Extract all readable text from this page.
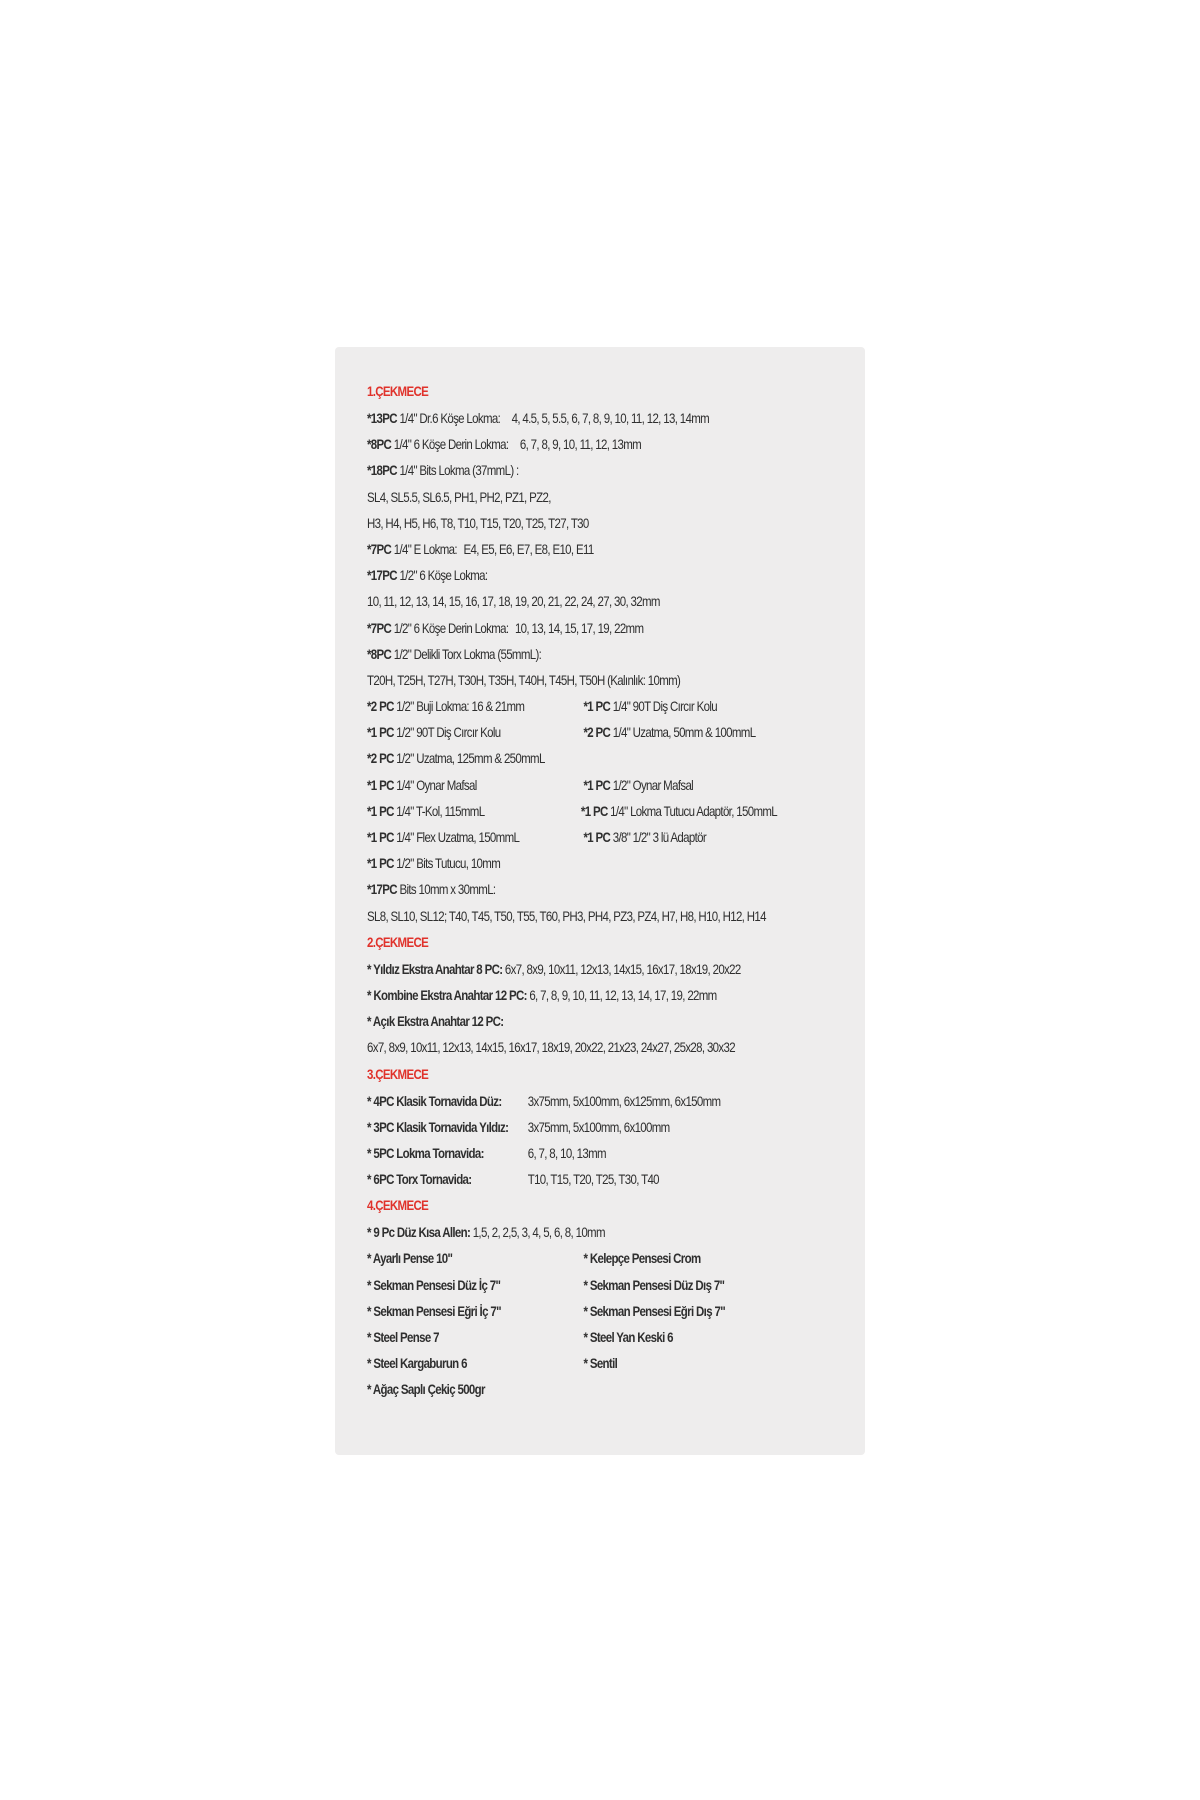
1.ÇEKMECE
*13PC 1/4" Dr.6 Köşe Lokma: 4, 4.5, 5, 5.5, 6, 7, 8, 9, 10, 11, 12, 13, 14mm
*8PC 1/4" 6 Köşe Derin Lokma: 6, 7, 8, 9, 10, 11, 12, 13mm
*18PC 1/4" Bits Lokma (37mmL) :
SL4, SL5.5, SL6.5, PH1, PH2, PZ1, PZ2,
H3, H4, H5, H6, T8, T10, T15, T20, T25, T27, T30
*7PC 1/4" E Lokma: E4, E5, E6, E7, E8, E10, E11
*17PC 1/2" 6 Köşe Lokma:
10, 11, 12, 13, 14, 15, 16, 17, 18, 19, 20, 21, 22, 24, 27, 30, 32mm
*7PC 1/2" 6 Köşe Derin Lokma: 10, 13, 14, 15, 17, 19, 22mm
*8PC 1/2" Delikli Torx Lokma (55mmL):
T20H, T25H, T27H, T30H, T35H, T40H, T45H, T50H (Kalınlık: 10mm)
*2 PC 1/2" Buji Lokma: 16 & 21mm	*1 PC 1/4" 90T Diş Cırcır Kolu
*1 PC 1/2" 90T Diş Cırcır Kolu	*2 PC 1/4" Uzatma, 50mm & 100mmL
*2 PC 1/2" Uzatma, 125mm & 250mmL
*1 PC 1/4" Oynar Mafsal	*1 PC 1/2" Oynar Mafsal
*1 PC 1/4" T-Kol, 115mmL	*1 PC 1/4" Lokma Tutucu Adaptör, 150mmL
*1 PC 1/4" Flex Uzatma, 150mmL	*1 PC 3/8" 1/2" 3 lü Adaptör
*1 PC 1/2" Bits Tutucu, 10mm
*17PC Bits 10mm x 30mmL:
SL8, SL10, SL12; T40, T45, T50, T55, T60, PH3, PH4, PZ3, PZ4, H7, H8, H10, H12, H14
2.ÇEKMECE
* Yıldız Ekstra Anahtar 8 PC: 6x7, 8x9, 10x11, 12x13, 14x15, 16x17, 18x19, 20x22
* Kombine Ekstra Anahtar 12 PC: 6, 7, 8, 9, 10, 11, 12, 13, 14, 17, 19, 22mm
* Açık Ekstra Anahtar 12 PC:
6x7, 8x9, 10x11, 12x13, 14x15, 16x17, 18x19, 20x22, 21x23, 24x27, 25x28, 30x32
3.ÇEKMECE
* 4PC Klasik Tornavida Düz: 3x75mm, 5x100mm, 6x125mm, 6x150mm
* 3PC Klasik Tornavida Yıldız: 3x75mm, 5x100mm, 6x100mm
* 5PC Lokma Tornavida:	6, 7, 8, 10, 13mm
* 6PC Torx Tornavida:	T10, T15, T20, T25, T30, T40
4.ÇEKMECE
* 9 Pc Düz Kısa Allen: 1,5, 2, 2,5, 3, 4, 5, 6, 8, 10mm
* Ayarlı Pense 10"	* Kelepçe Pensesi Crom
* Sekman Pensesi Düz İç 7"	* Sekman Pensesi Düz Dış 7"
* Sekman Pensesi Eğri İç 7"	* Sekman Pensesi Eğri Dış 7"
* Steel Pense 7	* Steel Yan Keski 6
* Steel Kargaburun 6	* Sentil
* Ağaç Saplı Çekiç 500gr
